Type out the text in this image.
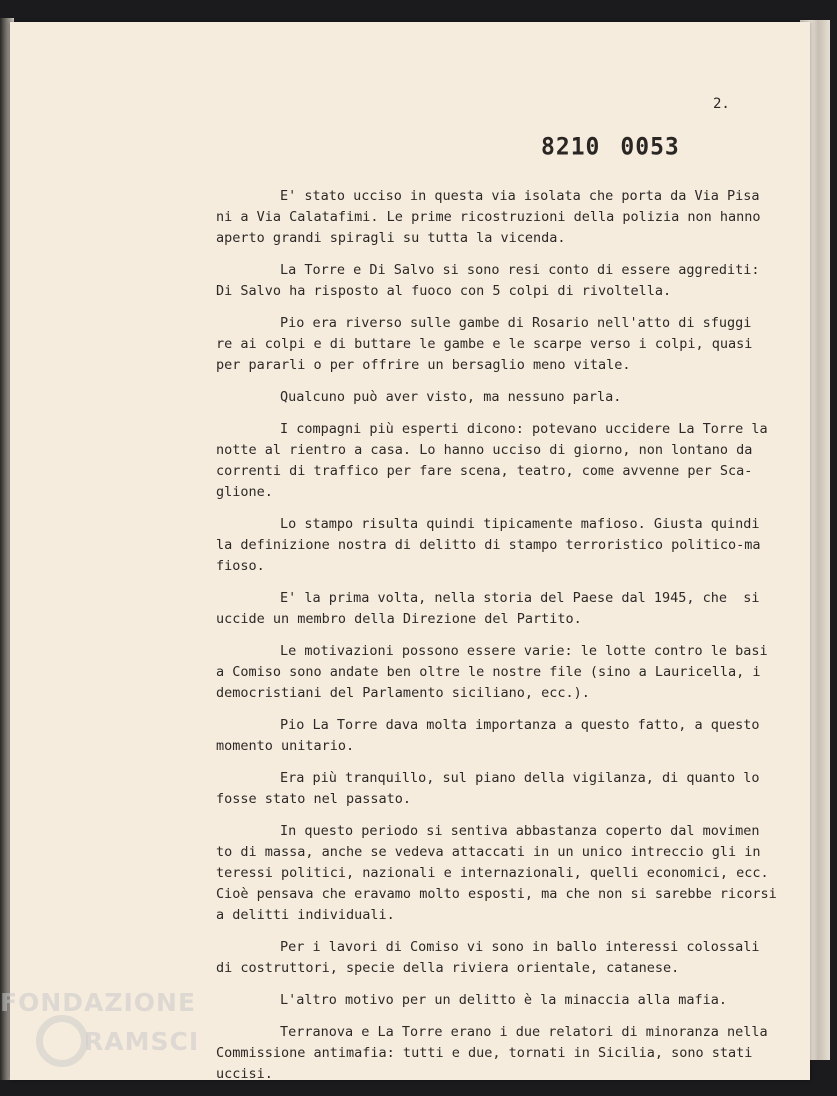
2.
8210 0053
E' stato ucciso in questa via isolata che porta da Via Pisa
ni a Via Calatafimi. Le prime ricostruzioni della polizia non hanno
aperto grandi spiragli su tutta la vicenda.
La Torre e Di Salvo si sono resi conto di essere aggrediti:
Di Salvo ha risposto al fuoco con 5 colpi di rivoltella.
Pio era riverso sulle gambe di Rosario nell'atto di sfuggi
re ai colpi e di buttare le gambe e le scarpe verso i colpi, quasi
per pararli o per offrire un bersaglio meno vitale.
Qualcuno può aver visto, ma nessuno parla.
I compagni più esperti dicono: potevano uccidere La Torre la
notte al rientro a casa. Lo hanno ucciso di giorno, non lontano da
correnti di traffico per fare scena, teatro, come avvenne per Sca-
glione.
Lo stampo risulta quindi tipicamente mafioso. Giusta quindi
la definizione nostra di delitto di stampo terroristico politico-ma
fioso.
E' la prima volta, nella storia del Paese dal 1945, che  si
uccide un membro della Direzione del Partito.
Le motivazioni possono essere varie: le lotte contro le basi
a Comiso sono andate ben oltre le nostre file (sino a Lauricella, i
democristiani del Parlamento siciliano, ecc.).
Pio La Torre dava molta importanza a questo fatto, a questo
momento unitario.
Era più tranquillo, sul piano della vigilanza, di quanto lo
fosse stato nel passato.
In questo periodo si sentiva abbastanza coperto dal movimen
to di massa, anche se vedeva attaccati in un unico intreccio gli in
teressi politici, nazionali e internazionali, quelli economici, ecc.
Cioè pensava che eravamo molto esposti, ma che non si sarebbe ricorsi
a delitti individuali.
Per i lavori di Comiso vi sono in ballo interessi colossali
di costruttori, specie della riviera orientale, catanese.
L'altro motivo per un delitto è la minaccia alla mafia.
Terranova e La Torre erano i due relatori di minoranza nella
Commissione antimafia: tutti e due, tornati in Sicilia, sono stati
uccisi.
FONDAZIONE
RAMSCI
